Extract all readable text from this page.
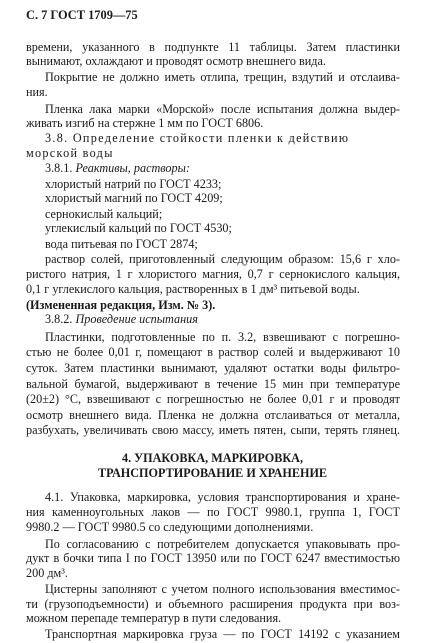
С. 7 ГОСТ 1709—75
времени, указанного в подпункте 11 таблицы. Затем пластинки
вынимают, охлаждают и проводят осмотр внешнего вида.
Покрытие не должно иметь отлипа, трещин, вздутий и отслаива-
ния.
Пленка лака марки «Морской» после испытания должна выдер-
живать изгиб на стержне 1 мм по ГОСТ 6806.
3.8. Определение стойкости пленки к действию
морской воды
3.8.1. Реактивы, растворы:
хлористый натрий по ГОСТ 4233;
хлористый магний по ГОСТ 4209;
сернокислый кальций;
углекислый кальций по ГОСТ 4530;
вода питьевая по ГОСТ 2874;
раствор солей, приготовленный следующим образом: 15,6 г хло-
ристого натрия, 1 г хлористого магния, 0,7 г сернокислого кальция,
0,1 г углекислого кальция, растворенных в 1 дм³ питьевой воды.
(Измененная редакция, Изм. № 3).
3.8.2. Проведение испытания
Пластинки, подготовленные по п. 3.2, взвешивают с погрешно-
стью не более 0,01 г, помещают в раствор солей и выдерживают 10
суток. Затем пластинки вынимают, удаляют остатки воды фильтро-
вальной бумагой, выдерживают в течение 15 мин при температуре
(20±2) °С, взвешивают с погрешностью не более 0,01 г и проводят
осмотр внешнего вида. Пленка не должна отслаиваться от металла,
разбухать, увеличивать свою массу, иметь пятен, сыпи, терять глянец.
4. УПАКОВКА, МАРКИРОВКА,
ТРАНСПОРТИРОВАНИЕ И ХРАНЕНИЕ
4.1. Упаковка, маркировка, условия транспортирования и хране-
ния каменноугольных лаков — по ГОСТ 9980.1, группа 1, ГОСТ
9980.2 — ГОСТ 9980.5 со следующими дополнениями.
По согласованию с потребителем допускается упаковывать про-
дукт в бочки типа I по ГОСТ 13950 или по ГОСТ 6247 вместимостью
200 дм³.
Цистерны заполняют с учетом полного использования вместимос-
ти (грузоподъемности) и объемного расширения продукта при воз-
можном перепаде температур в пути следования.
Транспортная маркировка груза — по ГОСТ 14192 с указанием
